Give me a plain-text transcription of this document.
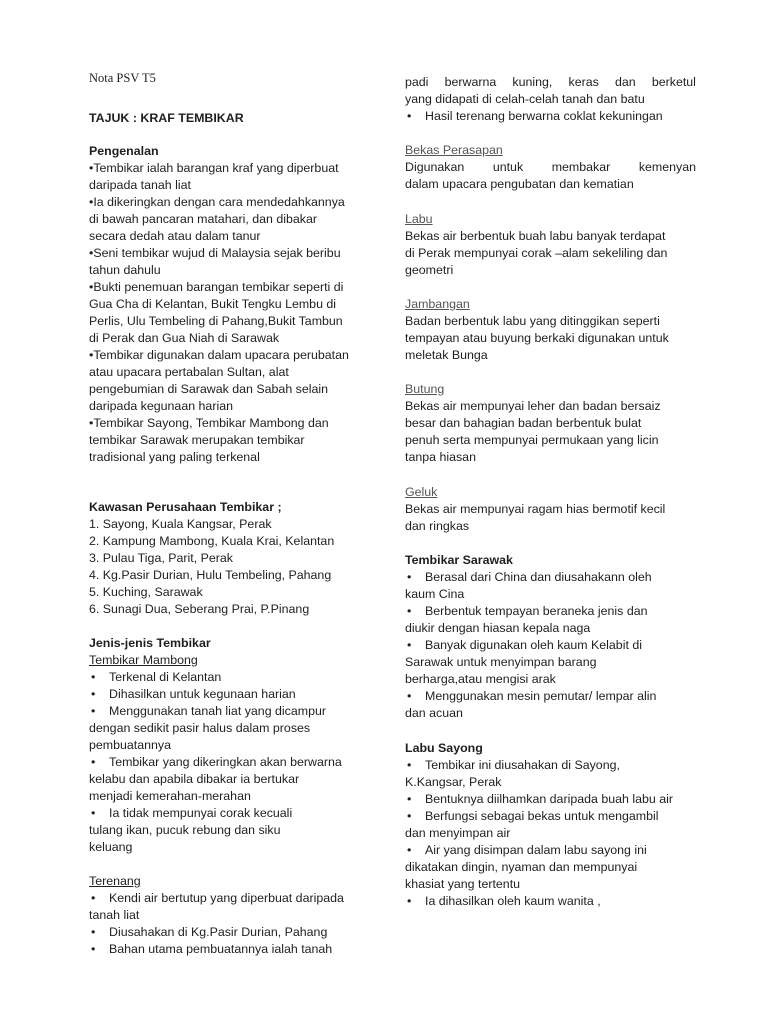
Nota PSV T5
TAJUK : KRAF TEMBIKAR
Pengenalan
•Tembikar ialah barangan kraf yang diperbuat
daripada tanah liat
•Ia dikeringkan dengan cara mendedahkannya
di bawah pancaran matahari, dan dibakar
secara dedah atau dalam tanur
•Seni tembikar wujud di Malaysia sejak beribu
tahun dahulu
•Bukti penemuan barangan tembikar seperti di
Gua Cha di Kelantan, Bukit Tengku Lembu di
Perlis, Ulu Tembeling di Pahang,Bukit Tambun
di Perak dan Gua Niah di Sarawak
•Tembikar digunakan dalam upacara perubatan
atau upacara pertabalan Sultan, alat
pengebumian di Sarawak dan Sabah selain
daripada kegunaan harian
•Tembikar Sayong, Tembikar Mambong dan
tembikar Sarawak merupakan tembikar
tradisional yang paling terkenal
Kawasan Perusahaan Tembikar ;
1. Sayong, Kuala Kangsar, Perak
2. Kampung Mambong, Kuala Krai, Kelantan
3. Pulau Tiga, Parit, Perak
4. Kg.Pasir Durian, Hulu Tembeling, Pahang
5. Kuching, Sarawak
6. Sunagi Dua, Seberang Prai, P.Pinang
Jenis-jenis Tembikar
Tembikar Mambong
• Terkenal di Kelantan
• Dihasilkan untuk kegunaan harian
• Menggunakan tanah liat yang dicampur
dengan sedikit pasir halus dalam proses
pembuatannya
• Tembikar yang dikeringkan akan berwarna
kelabu dan apabila dibakar ia bertukar
menjadi kemerahan-merahan
• Ia tidak mempunyai corak kecuali
tulang ikan, pucuk rebung dan siku
keluang
Terenang
• Kendi air bertutup yang diperbuat daripada
tanah liat
• Diusahakan di Kg.Pasir Durian, Pahang
• Bahan utama pembuatannya ialah tanah
padi berwarna kuning, keras dan berketul
yang didapati di celah-celah tanah dan batu
• Hasil terenang berwarna coklat kekuningan
Bekas Perasapan
Digunakan untuk membakar kemenyan
dalam upacara pengubatan dan kematian
Labu
Bekas air berbentuk buah labu banyak terdapat
di Perak mempunyai corak –alam sekeliling dan
geometri
Jambangan
Badan berbentuk labu yang ditinggikan seperti
tempayan atau buyung berkaki digunakan untuk
meletak Bunga
Butung
Bekas air mempunyai leher dan badan bersaiz
besar dan bahagian badan berbentuk bulat
penuh serta mempunyai permukaan yang licin
tanpa hiasan
Geluk
Bekas air mempunyai ragam hias bermotif kecil
dan ringkas
Tembikar Sarawak
• Berasal dari China dan diusahakann oleh
kaum Cina
• Berbentuk tempayan beraneka jenis dan
diukir dengan hiasan kepala naga
• Banyak digunakan oleh kaum Kelabit di
Sarawak untuk menyimpan barang
berharga,atau mengisi arak
• Menggunakan mesin pemutar/ lempar alin
dan acuan
Labu Sayong
• Tembikar ini diusahakan di Sayong,
K.Kangsar, Perak
• Bentuknya diilhamkan daripada buah labu air
• Berfungsi sebagai bekas untuk mengambil
dan menyimpan air
• Air yang disimpan dalam labu sayong ini
dikatakan dingin, nyaman dan mempunyai
khasiat yang tertentu
• Ia dihasilkan oleh kaum wanita ,
